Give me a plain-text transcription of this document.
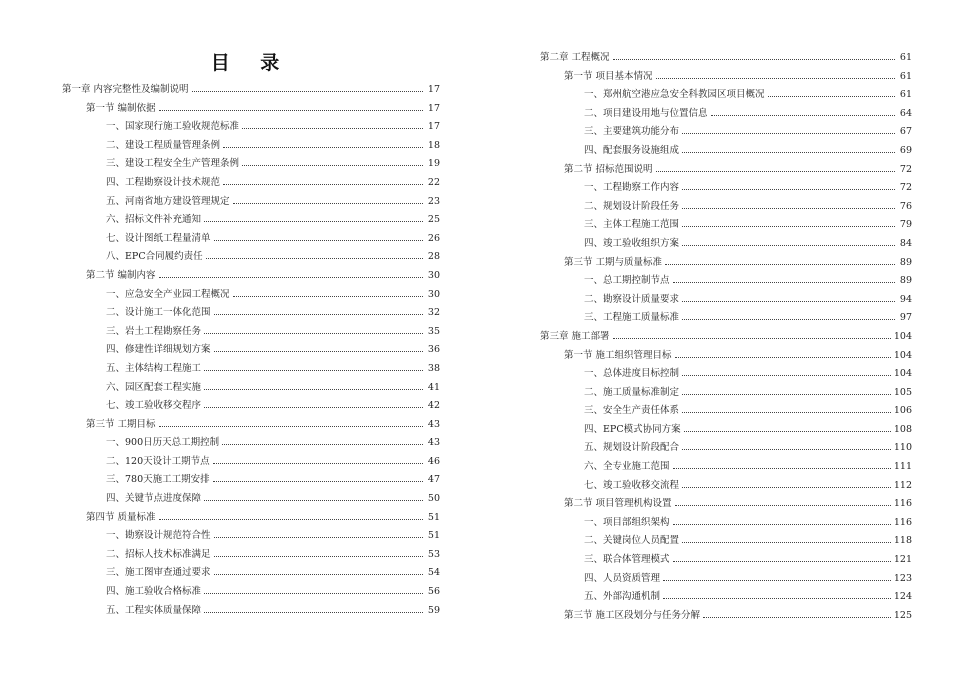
目 录
第一章 内容完整性及编制说明	17
第一节 编制依据	17
一、国家现行施工验收规范标准	17
二、建设工程质量管理条例	18
三、建设工程安全生产管理条例	19
四、工程勘察设计技术规范	22
五、河南省地方建设管理规定	23
六、招标文件补充通知	25
七、设计图纸工程量清单	26
八、EPC合同履约责任	28
第二节 编制内容	30
一、应急安全产业园工程概况	30
二、设计施工一体化范围	32
三、岩土工程勘察任务	35
四、修建性详细规划方案	36
五、主体结构工程施工	38
六、园区配套工程实施	41
七、竣工验收移交程序	42
第三节 工期目标	43
一、900日历天总工期控制	43
二、120天设计工期节点	46
三、780天施工工期安排	47
四、关键节点进度保障	50
第四节 质量标准	51
一、勘察设计规范符合性	51
二、招标人技术标准满足	53
三、施工图审查通过要求	54
四、施工验收合格标准	56
五、工程实体质量保障	59
第二章 工程概况	61
第一节 项目基本情况	61
一、郑州航空港应急安全科教园区项目概况	61
二、项目建设用地与位置信息	64
三、主要建筑功能分布	67
四、配套服务设施组成	69
第二节 招标范围说明	72
一、工程勘察工作内容	72
二、规划设计阶段任务	76
三、主体工程施工范围	79
四、竣工验收组织方案	84
第三节 工期与质量标准	89
一、总工期控制节点	89
二、勘察设计质量要求	94
三、工程施工质量标准	97
第三章 施工部署	104
第一节 施工组织管理目标	104
一、总体进度目标控制	104
二、施工质量标准制定	105
三、安全生产责任体系	106
四、EPC模式协同方案	108
五、规划设计阶段配合	110
六、全专业施工范围	111
七、竣工验收移交流程	112
第二节 项目管理机构设置	116
一、项目部组织架构	116
二、关键岗位人员配置	118
三、联合体管理模式	121
四、人员资质管理	123
五、外部沟通机制	124
第三节 施工区段划分与任务分解	125
